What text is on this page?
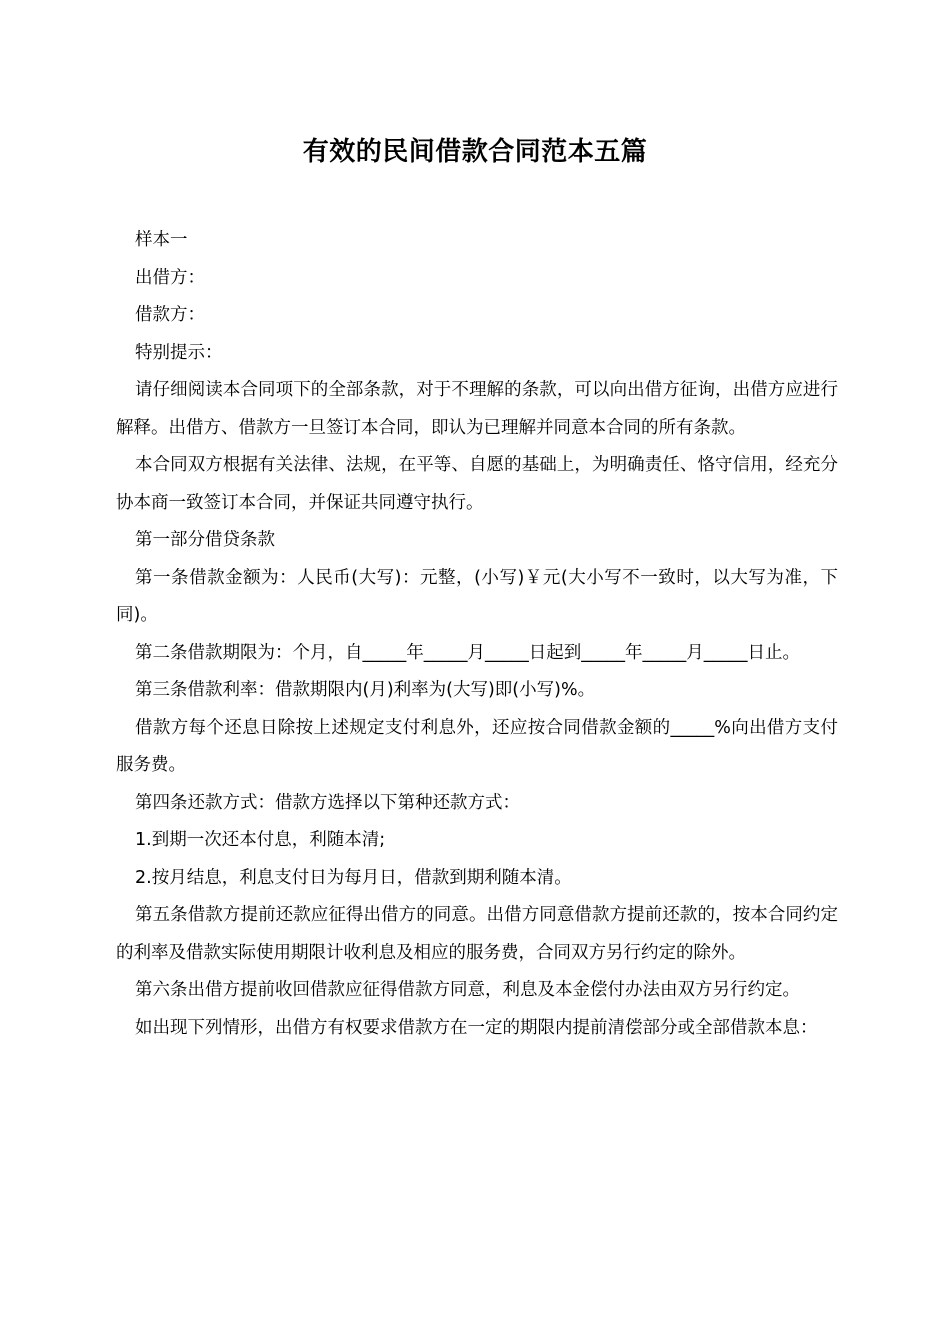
有效的民间借款合同范本五篇

样本一

出借方：

借款方：

特别提示：

请仔细阅读本合同项下的全部条款，对于不理解的条款，可以向出借方征询，出借方应进行解释。出借方、借款方一旦签订本合同，即认为已理解并同意本合同的所有条款。

本合同双方根据有关法律、法规，在平等、自愿的基础上，为明确责任、恪守信用，经充分协本商一致签订本合同，并保证共同遵守执行。

第一部分借贷条款

第一条借款金额为：人民币(大写)：元整，(小写)￥元(大小写不一致时，以大写为准，下同)。

第二条借款期限为：个月，自_____年_____月_____日起到_____年_____月_____日止。

第三条借款利率：借款期限内(月)利率为(大写)即(小写)%。

借款方每个还息日除按上述规定支付利息外，还应按合同借款金额的_____%向出借方支付服务费。

第四条还款方式：借款方选择以下第种还款方式：

1.到期一次还本付息，利随本清;

2.按月结息，利息支付日为每月日，借款到期利随本清。

第五条借款方提前还款应征得出借方的同意。出借方同意借款方提前还款的，按本合同约定的利率及借款实际使用期限计收利息及相应的服务费，合同双方另行约定的除外。

第六条出借方提前收回借款应征得借款方同意，利息及本金偿付办法由双方另行约定。

如出现下列情形，出借方有权要求借款方在一定的期限内提前清偿部分或全部借款本息：
